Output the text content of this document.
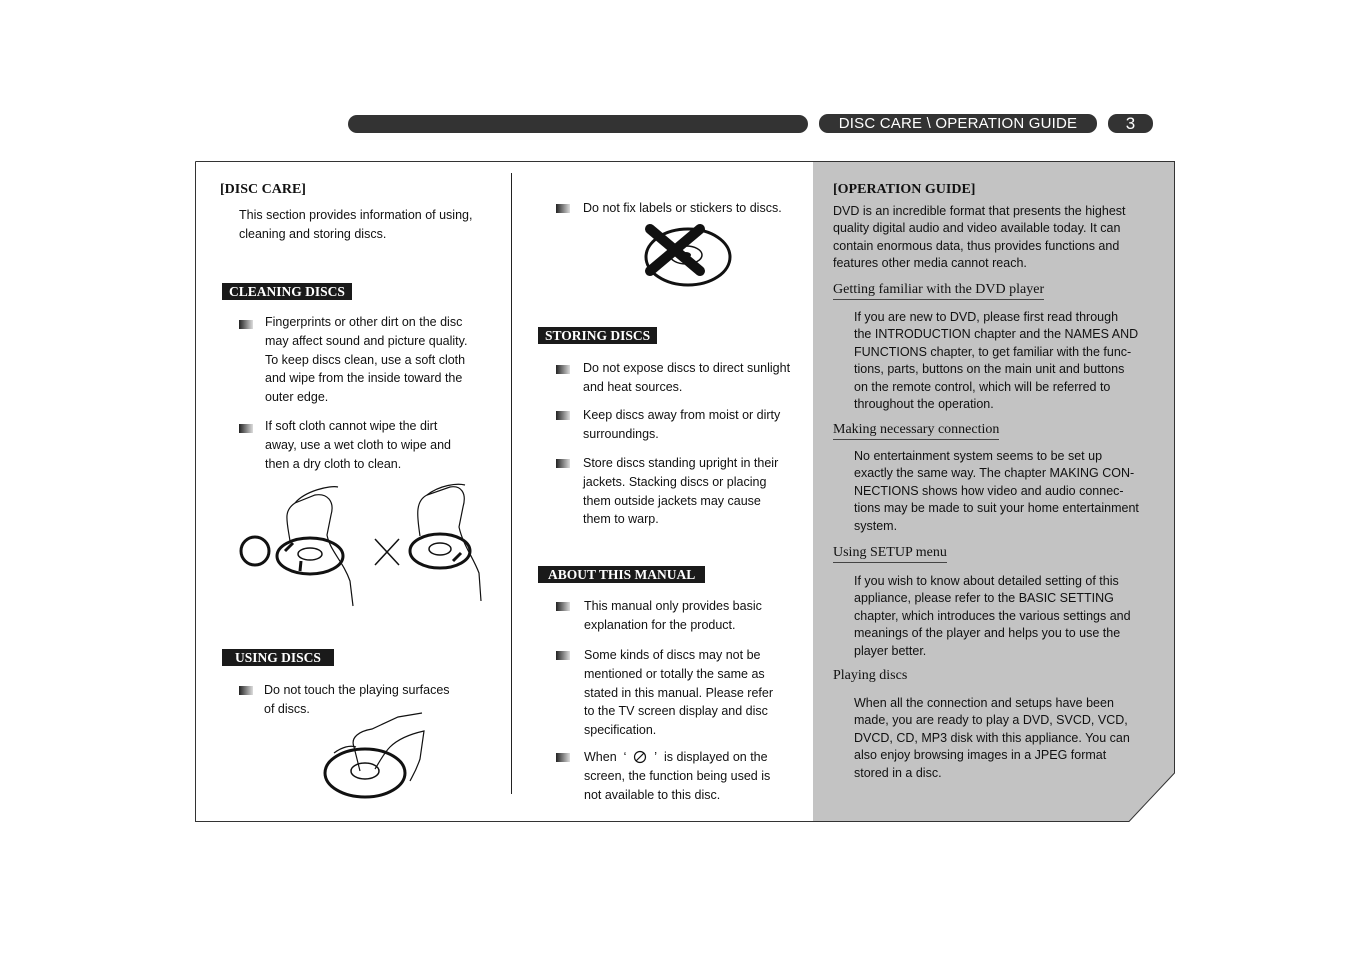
DISC CARE \ OPERATION GUIDE	3
[DISC CARE]
This section provides information of using,
cleaning and storing discs.
CLEANING DISCS
Fingerprints or other dirt on the disc
may affect sound and picture quality.
To keep discs clean, use a soft cloth
and wipe from the inside toward the
outer edge.
If soft cloth cannot wipe the dirt
away, use a wet cloth to wipe and
then a dry cloth to clean.
USING DISCS
Do not touch the playing surfaces
of discs.
Do not fix labels or stickers to discs.
STORING DISCS
Do not expose discs to direct sunlight
and heat sources.
Keep discs away from moist or dirty
surroundings.
Store discs standing upright in their
jackets. Stacking discs or placing
them outside jackets may cause
them to warp.
ABOUT THIS MANUAL
This manual only provides basic
explanation for the product.
Some kinds of discs may not be
mentioned or totally the same as
stated in this manual. Please refer
to the TV screen display and disc
specification.
When ‘ ’ is displayed on the
screen, the function being used is
not available to this disc.
[OPERATION GUIDE]
DVD is an incredible format that presents the highest
quality digital audio and video available today. It can
contain enormous data, thus provides functions and
features other media cannot reach.
Getting familiar with the DVD player
If you are new to DVD, please first read through
the INTRODUCTION chapter and the NAMES AND
FUNCTIONS chapter, to get familiar with the func-
tions, parts, buttons on the main unit and buttons
on the remote control, which will be referred to
throughout the operation.
Making necessary connection
No entertainment system seems to be set up
exactly the same way. The chapter MAKING CON-
NECTIONS shows how video and audio connec-
tions may be made to suit your home entertainment
system.
Using SETUP menu
If you wish to know about detailed setting of this
appliance, please refer to the BASIC SETTING
chapter, which introduces the various settings and
meanings of the player and helps you to use the
player better.
Playing discs
When all the connection and setups have been
made, you are ready to play a DVD, SVCD, VCD,
DVCD, CD, MP3 disk with this appliance. You can
also enjoy browsing images in a JPEG format
stored in a disc.
